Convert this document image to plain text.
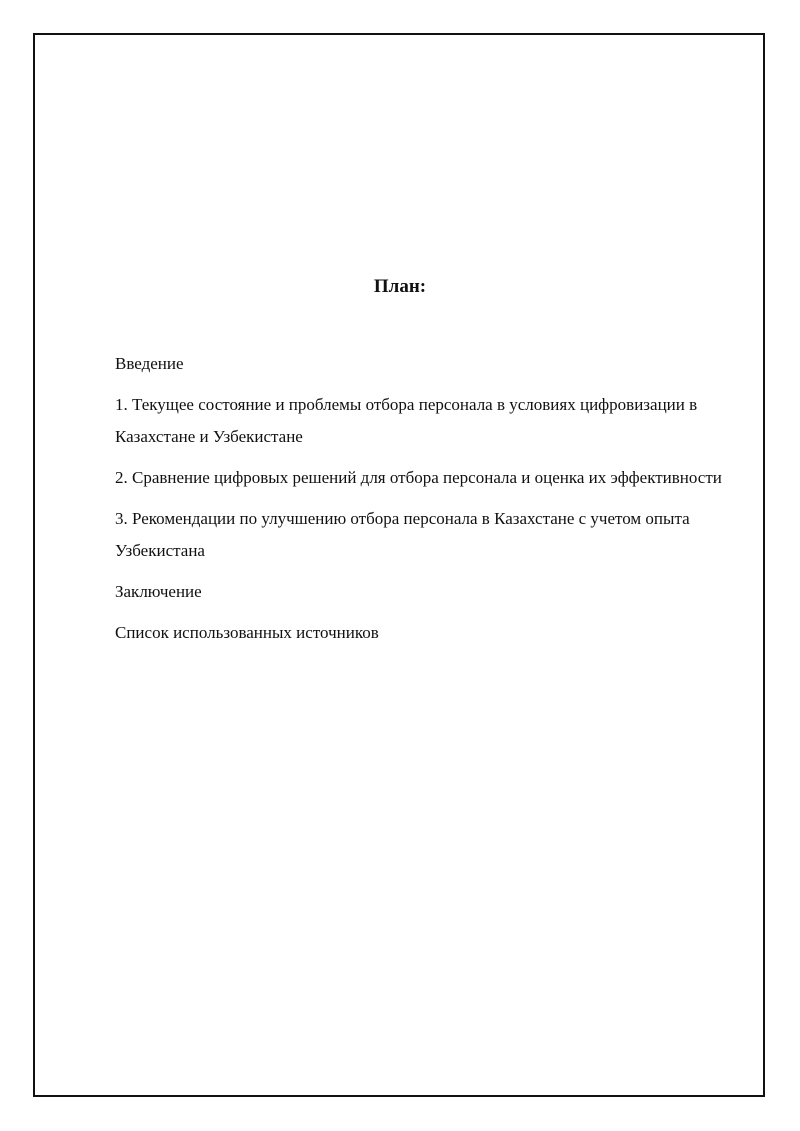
План:
Введение
1. Текущее состояние и проблемы отбора персонала в условиях цифровизации в Казахстане и Узбекистане
2. Сравнение цифровых решений для отбора персонала и оценка их эффективности
3. Рекомендации по улучшению отбора персонала в Казахстане с учетом опыта Узбекистана
Заключение
Список использованных источников
